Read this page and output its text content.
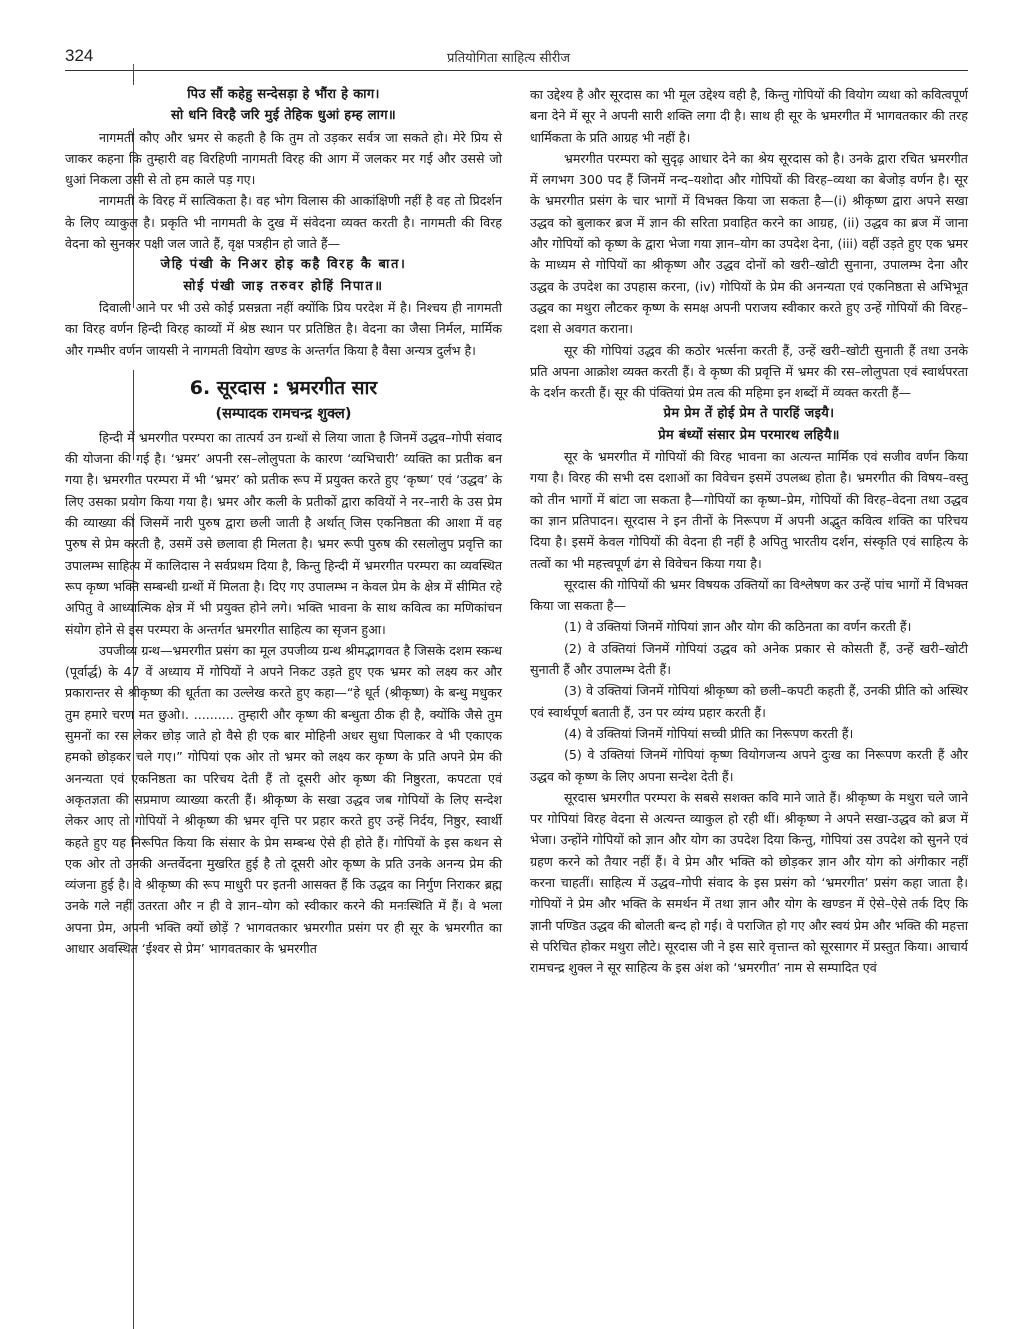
324	प्रतियोगिता साहित्य सीरीज
पिउ सौं कहेहु सन्देसड़ा हे भौंरा हे काग।
सो धनि विरहै जरि मुई तेहिक धुआं हम्ह लाग॥

नागमती कौए और भ्रमर से कहती है कि तुम तो उड़कर सर्वत्र जा सकते हो। मेरे प्रिय से जाकर कहना कि तुम्हारी वह विरहिणी नागमती विरह की आग में जलकर मर गई और उससे जो धुआं निकला उसी से तो हम काले पड़ गए।

नागमती के विरह में सात्विकता है। वह भोग विलास की आकांक्षिणी नहीं है वह तो प्रिदर्शन के लिए व्याकुल है। प्रकृति भी नागमती के दुख में संवेदना व्यक्त करती है। नागमती की विरह वेदना को सुनकर पक्षी जल जाते हैं, वृक्ष पत्रहीन हो जाते हैं—

जेहि पंखी के निअर होइ कहै विरह कै बात।
सोई पंखी जाइ तरुवर होहिं निपात॥

दिवाली आने पर भी उसे कोई प्रसन्नता नहीं क्योंकि प्रिय परदेश में है। निश्चय ही नागमती का विरह वर्णन हिन्दी विरह काव्यों में श्रेष्ठ स्थान पर प्रतिष्ठित है। वेदना का जैसा निर्मल, मार्मिक और गम्भीर वर्णन जायसी ने नागमती वियोग खण्ड के अन्तर्गत किया है वैसा अन्यत्र दुर्लभ है।

6. सूरदास : भ्रमरगीत सार
(सम्पादक रामचन्द्र शुक्ल)

हिन्दी में भ्रमरगीत परम्परा का तात्पर्य उन ग्रन्थों से लिया जाता है जिनमें उद्धव–गोपी संवाद की योजना की गई है। ‘भ्रमर’ अपनी रस–लोलुपता के कारण ‘व्यभिचारी’ व्यक्ति का प्रतीक बन गया है। भ्रमरगीत परम्परा में भी ‘भ्रमर’ को प्रतीक रूप में प्रयुक्त करते हुए ‘कृष्ण’ एवं ‘उद्धव’ के लिए उसका प्रयोग किया गया है। भ्रमर और कली के प्रतीकों द्वारा कवियों ने नर–नारी के उस प्रेम की व्याख्या की जिसमें नारी पुरुष द्वारा छली जाती है अर्थात् जिस एकनिष्ठता की आशा में वह पुरुष से प्रेम करती है, उसमें उसे छलावा ही मिलता है। भ्रमर रूपी पुरुष की रसलोलुप प्रवृत्ति का उपालम्भ साहित्य में कालिदास ने सर्वप्रथम दिया है, किन्तु हिन्दी में भ्रमरगीत परम्परा का व्यवस्थित रूप कृष्ण भक्ति सम्बन्धी ग्रन्थों में मिलता है। दिए गए उपालम्भ न केवल प्रेम के क्षेत्र में सीमित रहे अपितु वे आध्यात्मिक क्षेत्र में भी प्रयुक्त होने लगे। भक्ति भावना के साथ कवित्व का मणिकांचन संयोग होने से इस परम्परा के अन्तर्गत भ्रमरगीत साहित्य का सृजन हुआ।

उपजीव्य ग्रन्थ—भ्रमरगीत प्रसंग का मूल उपजीव्य ग्रन्थ श्रीमद्भागवत है जिसके दशम स्कन्ध (पूर्वार्द्ध) के 47 वें अध्याय में गोपियों ने अपने निकट उड़ते हुए एक भ्रमर को लक्ष्य कर और प्रकारान्तर से श्रीकृष्ण की धूर्तता का उल्लेख करते हुए कहा—“हे धूर्त (श्रीकृष्ण) के बन्धु मधुकर तुम हमारे चरण मत छुओ।. .......... तुम्हारी और कृष्ण की बन्धुता ठीक ही है, क्योंकि जैसे तुम सुमनों का रस लेकर छोड़ जाते हो वैसे ही एक बार मोहिनी अधर सुधा पिलाकर वे भी एकाएक हमको छोड़कर चले गए।” गोपियां एक ओर तो भ्रमर को लक्ष्य कर कृष्ण के प्रति अपने प्रेम की अनन्यता एवं एकनिष्ठता का परिचय देती हैं तो दूसरी ओर कृष्ण की निष्ठुरता, कपटता एवं अकृतज्ञता की सप्रमाण व्याख्या करती हैं। श्रीकृष्ण के सखा उद्धव जब गोपियों के लिए सन्देश लेकर आए तो गोपियों ने श्रीकृष्ण की भ्रमर वृत्ति पर प्रहार करते हुए उन्हें निर्दय, निष्ठुर, स्वार्थी कहते हुए यह निरूपित किया कि संसार के प्रेम सम्बन्ध ऐसे ही होते हैं। गोपियों के इस कथन से एक ओर तो उनकी अन्तर्वेदना मुखरित हुई है तो दूसरी ओर कृष्ण के प्रति उनके अनन्य प्रेम की व्यंजना हुई है। वे श्रीकृष्ण की रूप माधुरी पर इतनी आसक्त हैं कि उद्धव का निर्गुण निराकर ब्रह्म उनके गले नहीं उतरता और न ही वे ज्ञान–योग को स्वीकार करने की मनःस्थिति में हैं। वे भला अपना प्रेम, अपनी भक्ति क्यों छोड़ें ? भागवतकार भ्रमरगीत प्रसंग पर ही सूर के भ्रमरगीत का आधार अवस्थित ‘ईश्वर से प्रेम’ भागवतकार के भ्रमरगीत

का उद्देश्य है और सूरदास का भी मूल उद्देश्य वही है, किन्तु गोपियों की वियोग व्यथा को कवित्वपूर्ण बना देने में सूर ने अपनी सारी शक्ति लगा दी है। साथ ही सूर के भ्रमरगीत में भागवतकार की तरह धार्मिकता के प्रति आग्रह भी नहीं है।

भ्रमरगीत परम्परा को सुदृढ़ आधार देने का श्रेय सूरदास को है। उनके द्वारा रचित भ्रमरगीत में लगभग 300 पद हैं जिनमें नन्द–यशोदा और गोपियों की विरह–व्यथा का बेजोड़ वर्णन है। सूर के भ्रमरगीत प्रसंग के चार भागों में विभक्त किया जा सकता है—(i) श्रीकृष्ण द्वारा अपने सखा उद्धव को बुलाकर ब्रज में ज्ञान की सरिता प्रवाहित करने का आग्रह, (ii) उद्धव का ब्रज में जाना और गोपियों को कृष्ण के द्वारा भेजा गया ज्ञान–योग का उपदेश देना, (iii) वहीं उड़ते हुए एक भ्रमर के माध्यम से गोपियों का श्रीकृष्ण और उद्धव दोनों को खरी–खोटी सुनाना, उपालम्भ देना और उद्धव के उपदेश का उपहास करना, (iv) गोपियों के प्रेम की अनन्यता एवं एकनिष्ठता से अभिभूत उद्धव का मथुरा लौटकर कृष्ण के समक्ष अपनी पराजय स्वीकार करते हुए उन्हें गोपियों की विरह–दशा से अवगत कराना।

सूर की गोपियां उद्धव की कठोर भर्त्सना करती हैं, उन्हें खरी–खोटी सुनाती हैं तथा उनके प्रति अपना आक्रोश व्यक्त करती हैं। वे कृष्ण की प्रवृत्ति में भ्रमर की रस–लोलुपता एवं स्वार्थपरता के दर्शन करती हैं। सूर की पंक्तियां प्रेम तत्व की महिमा इन शब्दों में व्यक्त करती हैं—

प्रेम प्रेम तें होई प्रेम ते पारहिं जइयै।
प्रेम बंध्यों संसार प्रेम परमारथ लहियै॥

सूर के भ्रमरगीत में गोपियों की विरह भावना का अत्यन्त मार्मिक एवं सजीव वर्णन किया गया है। विरह की सभी दस दशाओं का विवेचन इसमें उपलब्ध होता है। भ्रमरगीत की विषय–वस्तु को तीन भागों में बांटा जा सकता है—गोपियों का कृष्ण–प्रेम, गोपियों की विरह–वेदना तथा उद्धव का ज्ञान प्रतिपादन। सूरदास ने इन तीनों के निरूपण में अपनी अद्भुत कवित्व शक्ति का परिचय दिया है। इसमें केवल गोपियों की वेदना ही नहीं है अपितु भारतीय दर्शन, संस्कृति एवं साहित्य के तत्वों का भी महत्त्वपूर्ण ढंग से विवेचन किया गया है।

सूरदास की गोपियों की भ्रमर विषयक उक्तियों का विश्लेषण कर उन्हें पांच भागों में विभक्त किया जा सकता है—

(1) वे उक्तियां जिनमें गोपियां ज्ञान और योग की कठिनता का वर्णन करती हैं।

(2) वे उक्तियां जिनमें गोपियां उद्धव को अनेक प्रकार से कोसती हैं, उन्हें खरी–खोटी सुनाती हैं और उपालम्भ देती हैं।

(3) वे उक्तियां जिनमें गोपियां श्रीकृष्ण को छली–कपटी कहती हैं, उनकी प्रीति को अस्थिर एवं स्वार्थपूर्ण बताती हैं, उन पर व्यंग्य प्रहार करती हैं।

(4) वे उक्तियां जिनमें गोपियां सच्ची प्रीति का निरूपण करती हैं।

(5) वे उक्तियां जिनमें गोपियां कृष्ण वियोगजन्य अपने दुःख का निरूपण करती हैं और उद्धव को कृष्ण के लिए अपना सन्देश देती हैं।

सूरदास भ्रमरगीत परम्परा के सबसे सशक्त कवि माने जाते हैं। श्रीकृष्ण के मथुरा चले जाने पर गोपियां विरह वेदना से अत्यन्त व्याकुल हो रही थीं। श्रीकृष्ण ने अपने सखा-उद्धव को ब्रज में भेजा। उन्होंने गोपियों को ज्ञान और योग का उपदेश दिया किन्तु, गोपियां उस उपदेश को सुनने एवं ग्रहण करने को तैयार नहीं हैं। वे प्रेम और भक्ति को छोड़कर ज्ञान और योग को अंगीकार नहीं करना चाहतीं। साहित्य में उद्धव–गोपी संवाद के इस प्रसंग को ‘भ्रमरगीत’ प्रसंग कहा जाता है। गोपियों ने प्रेम और भक्ति के समर्थन में तथा ज्ञान और योग के खण्डन में ऐसे–ऐसे तर्क दिए कि ज्ञानी पण्डित उद्धव की बोलती बन्द हो गई। वे पराजित हो गए और स्वयं प्रेम और भक्ति की महत्ता से परिचित होकर मथुरा लौटे। सूरदास जी ने इस सारे वृत्तान्त को सूरसागर में प्रस्तुत किया। आचार्य रामचन्द्र शुक्ल ने सूर साहित्य के इस अंश को ‘भ्रमरगीत’ नाम से सम्पादित एवं
